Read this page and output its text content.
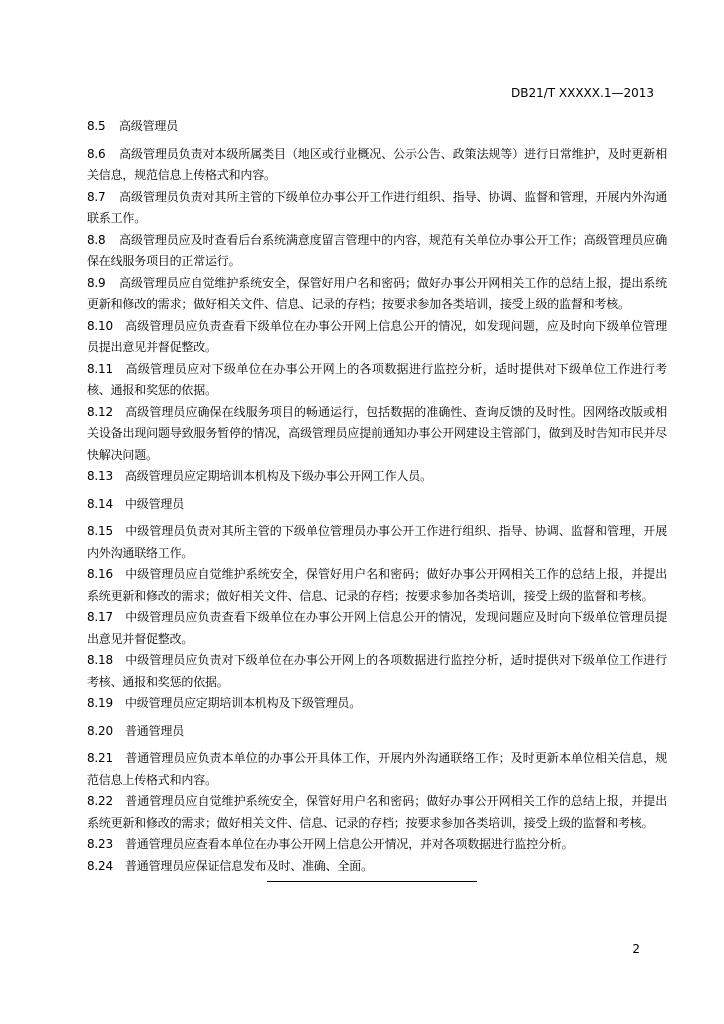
DB21/T XXXXX.1—2013
8.5 高级管理员

8.6 高级管理员负责对本级所属类目（地区或行业概况、公示公告、政策法规等）进行日常维护，及时更新相关信息，规范信息上传格式和内容。

8.7 高级管理员负责对其所主管的下级单位办事公开工作进行组织、指导、协调、监督和管理，开展内外沟通联系工作。

8.8 高级管理员应及时查看后台系统满意度留言管理中的内容，规范有关单位办事公开工作；高级管理员应确保在线服务项目的正常运行。

8.9 高级管理员应自觉维护系统安全，保管好用户名和密码；做好办事公开网相关工作的总结上报，提出系统更新和修改的需求；做好相关文件、信息、记录的存档；按要求参加各类培训，接受上级的监督和考核。

8.10 高级管理员应负责查看下级单位在办事公开网上信息公开的情况，如发现问题，应及时向下级单位管理员提出意见并督促整改。

8.11 高级管理员应对下级单位在办事公开网上的各项数据进行监控分析，适时提供对下级单位工作进行考核、通报和奖惩的依据。

8.12 高级管理员应确保在线服务项目的畅通运行，包括数据的准确性、查询反馈的及时性。因网络改版或相关设备出现问题导致服务暂停的情况，高级管理员应提前通知办事公开网建设主管部门，做到及时告知市民并尽快解决问题。

8.13 高级管理员应定期培训本机构及下级办事公开网工作人员。

8.14 中级管理员

8.15 中级管理员负责对其所主管的下级单位管理员办事公开工作进行组织、指导、协调、监督和管理，开展内外沟通联络工作。

8.16 中级管理员应自觉维护系统安全，保管好用户名和密码；做好办事公开网相关工作的总结上报，并提出系统更新和修改的需求；做好相关文件、信息、记录的存档；按要求参加各类培训，接受上级的监督和考核。

8.17 中级管理员应负责查看下级单位在办事公开网上信息公开的情况，发现问题应及时向下级单位管理员提出意见并督促整改。

8.18 中级管理员应负责对下级单位在办事公开网上的各项数据进行监控分析，适时提供对下级单位工作进行考核、通报和奖惩的依据。

8.19 中级管理员应定期培训本机构及下级管理员。

8.20 普通管理员

8.21 普通管理员应负责本单位的办事公开具体工作，开展内外沟通联络工作；及时更新本单位相关信息，规范信息上传格式和内容。

8.22 普通管理员应自觉维护系统安全，保管好用户名和密码；做好办事公开网相关工作的总结上报，并提出系统更新和修改的需求；做好相关文件、信息、记录的存档；按要求参加各类培训，接受上级的监督和考核。

8.23 普通管理员应查看本单位在办事公开网上信息公开情况，并对各项数据进行监控分析。

8.24 普通管理员应保证信息发布及时、准确、全面。

2
